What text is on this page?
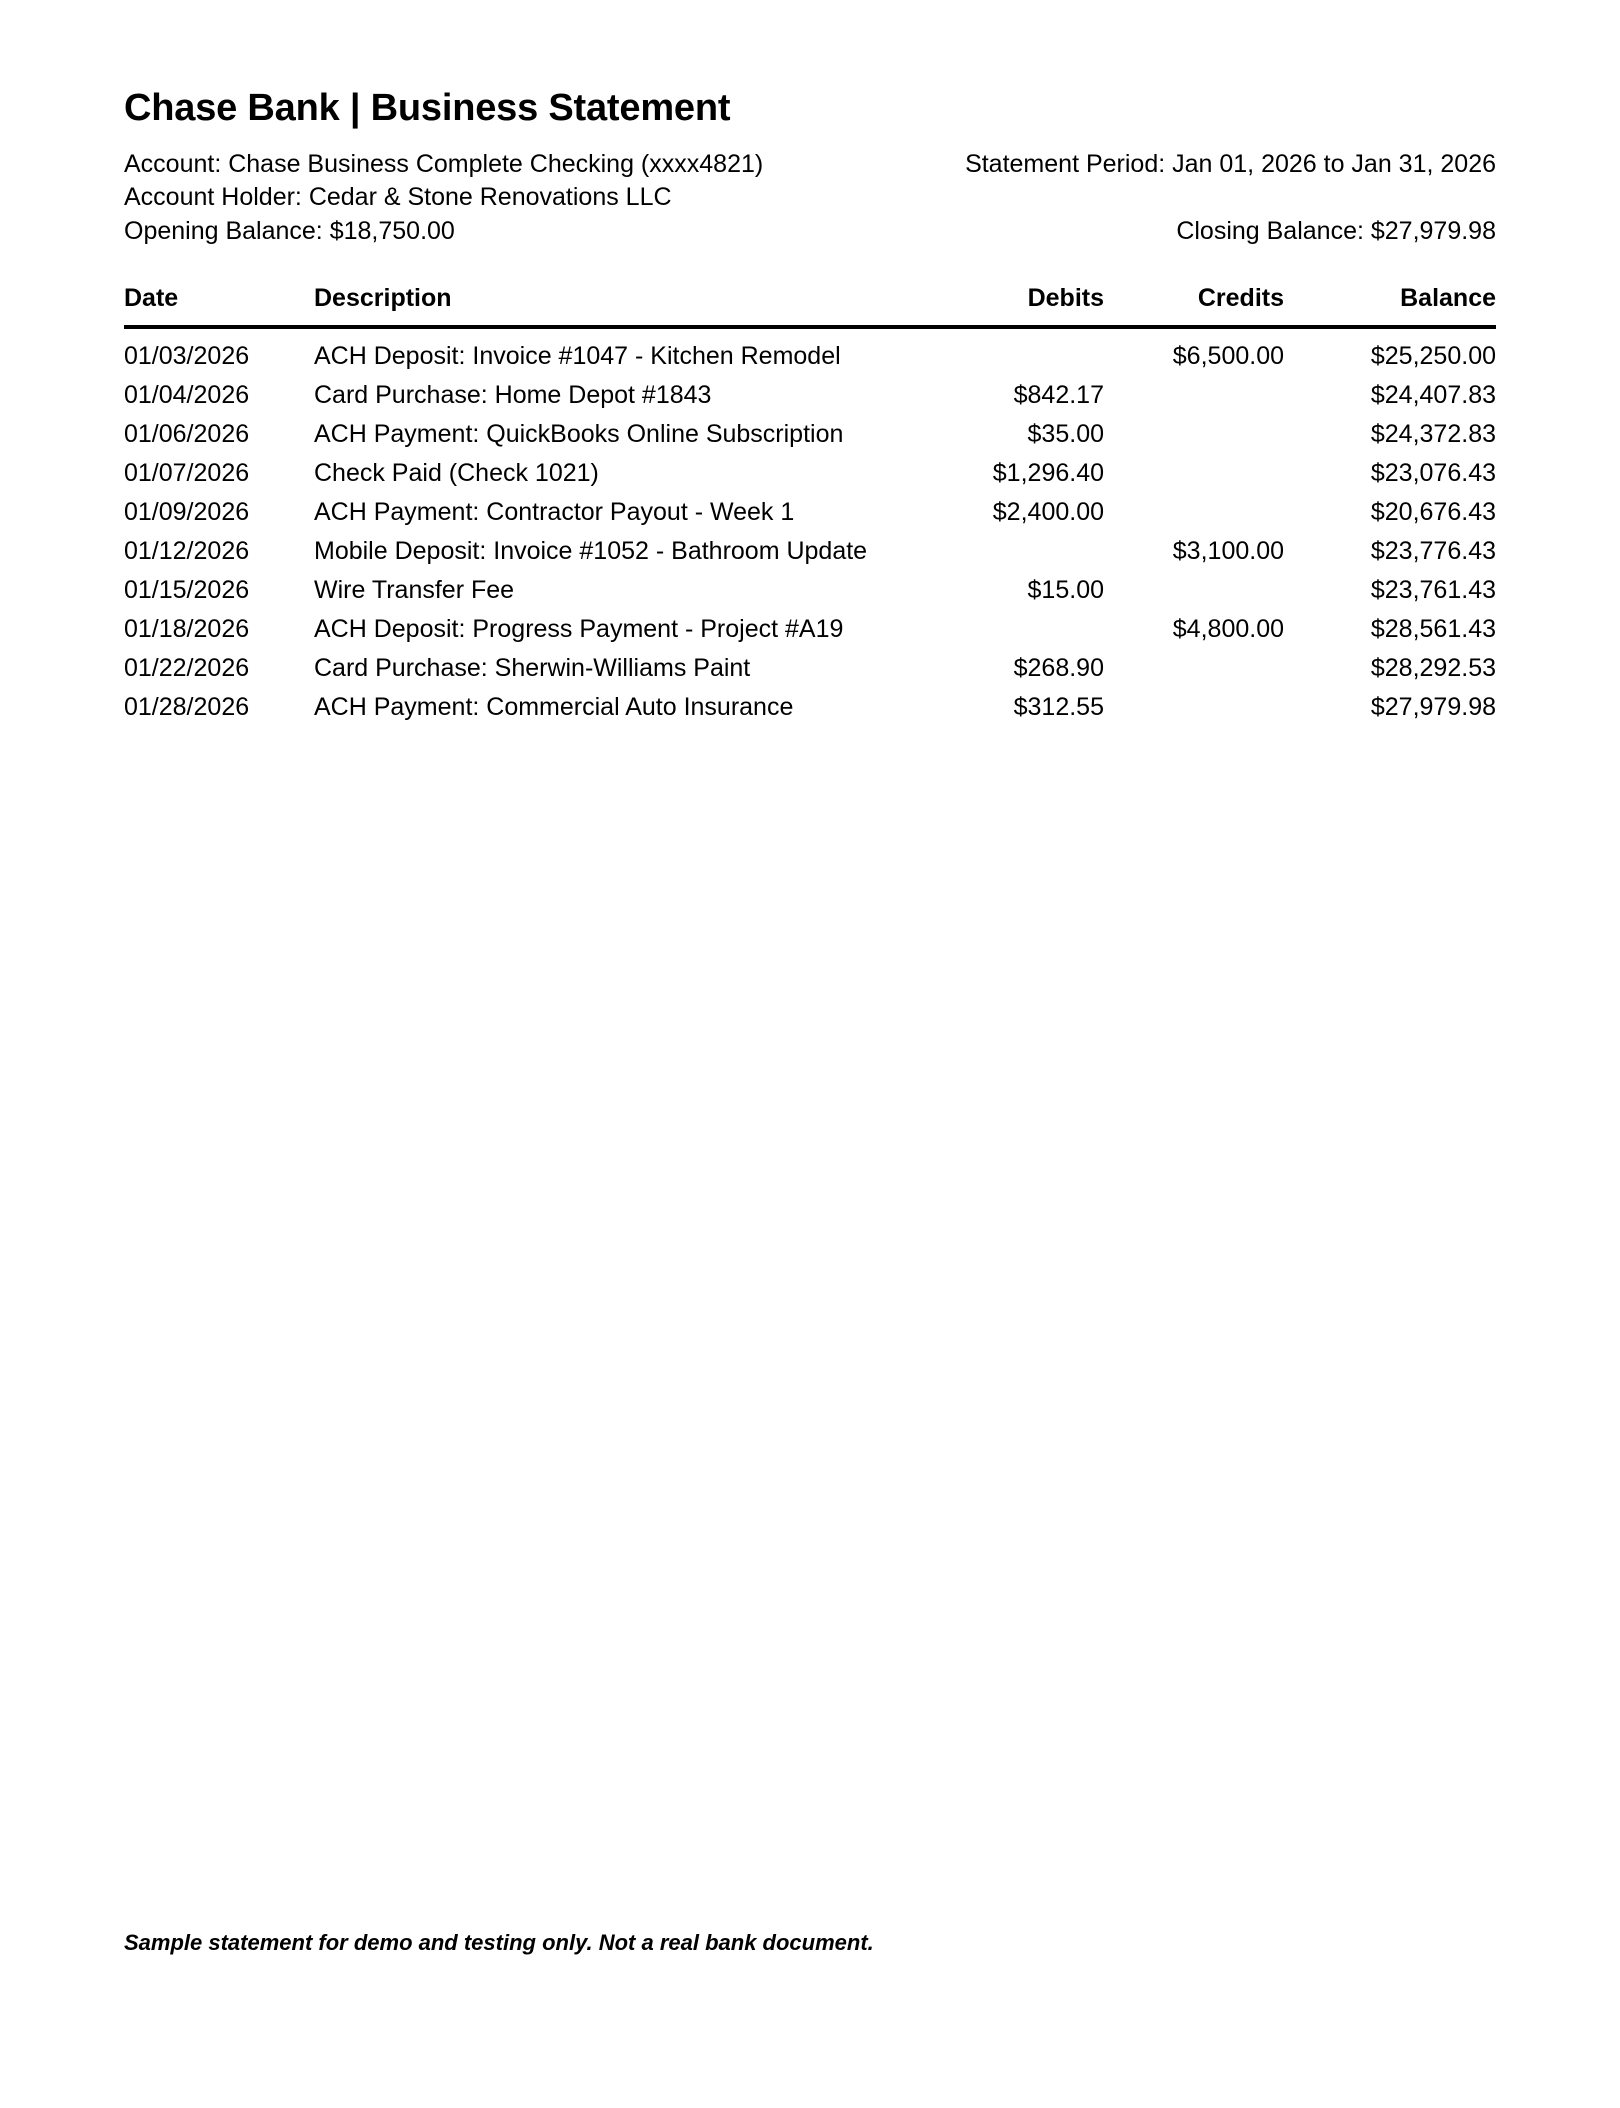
Chase Bank | Business Statement
Account: Chase Business Complete Checking (xxxx4821)	Statement Period: Jan 01, 2026 to Jan 31, 2026
Account Holder: Cedar & Stone Renovations LLC
Opening Balance: $18,750.00	Closing Balance: $27,979.98
Date	Description	Debits	Credits	Balance
01/03/2026	ACH Deposit: Invoice #1047 - Kitchen Remodel		$6,500.00	$25,250.00
01/04/2026	Card Purchase: Home Depot #1843	$842.17		$24,407.83
01/06/2026	ACH Payment: QuickBooks Online Subscription	$35.00		$24,372.83
01/07/2026	Check Paid (Check 1021)	$1,296.40		$23,076.43
01/09/2026	ACH Payment: Contractor Payout - Week 1	$2,400.00		$20,676.43
01/12/2026	Mobile Deposit: Invoice #1052 - Bathroom Update		$3,100.00	$23,776.43
01/15/2026	Wire Transfer Fee	$15.00		$23,761.43
01/18/2026	ACH Deposit: Progress Payment - Project #A19		$4,800.00	$28,561.43
01/22/2026	Card Purchase: Sherwin-Williams Paint	$268.90		$28,292.53
01/28/2026	ACH Payment: Commercial Auto Insurance	$312.55		$27,979.98
Sample statement for demo and testing only. Not a real bank document.
